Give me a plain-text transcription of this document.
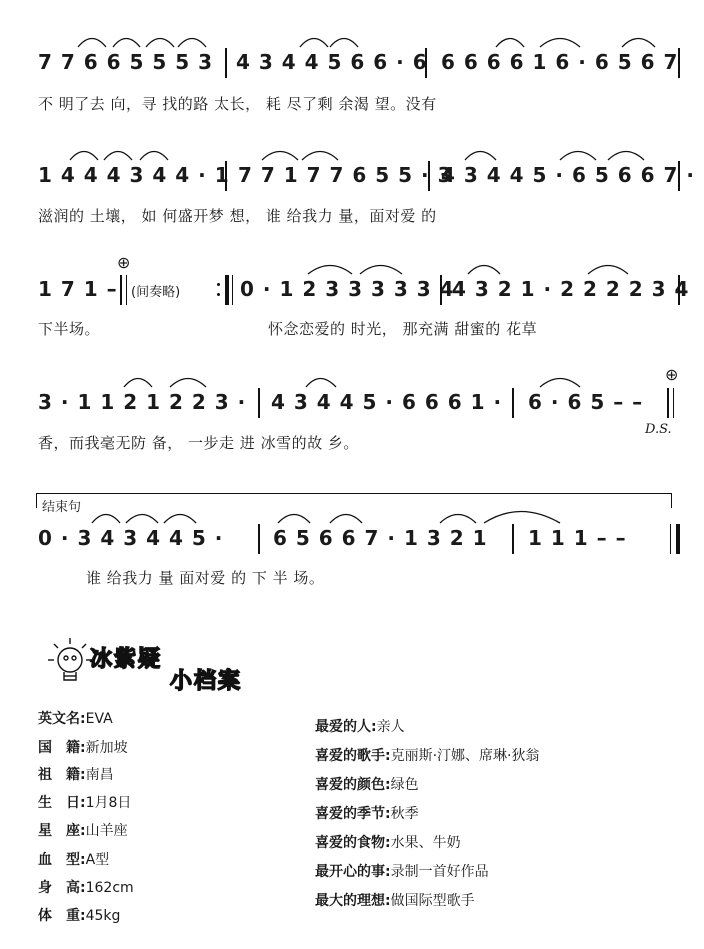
7 7 6 6 5 5 5 3 4 3 4 4 5 6 6 · 6 6 6 6 6 1 6 · 6 5 6 7
不 明了去 向，寻 找的路 太长， 耗 尽了剩 余渴 望。没有
1 4 4 4 3 4 4 · 1 7 7 1 7 7 6 5 5 · 3
4 3 4 4 5 · 6 5 6 6 7 ·
滋润的 土壤， 如 何盛开梦 想， 谁 给我力 量，面对爱 的
⊕
1 7 1 – (间奏略)	0 · 1 2 3 3 3 3 3 4
4 3 2 1 · 2 2 2 2 3 4
下半场。	怀念恋爱的 时光， 那充满 甜蜜的 花草
3 · 1 1 2 1 2 2 3 · 4 3 4 4 5 · 6 6 6 1 · 6 · 6 5 – –
⊕
香，而我毫无防 备， 一步走 进 冰雪的故 乡。
D.S.
结束句
0 · 3 4 3 4 4 5 · 6 5 6 6 7 · 1 3 2 1 1 1 1 – –
谁 给我力 量 面对爱 的 下 半 场。
冰紫疑
小档案
英文名:EVA
国　籍:新加坡
祖　籍:南昌
生　日:1月8日
星　座:山羊座
血　型:A型
身　高:162cm
体　重:45kg
最爱的人:亲人
喜爱的歌手:克丽斯·汀娜、席琳·狄翁
喜爱的颜色:绿色
喜爱的季节:秋季
喜爱的食物:水果、牛奶
最开心的事:录制一首好作品
最大的理想:做国际型歌手
